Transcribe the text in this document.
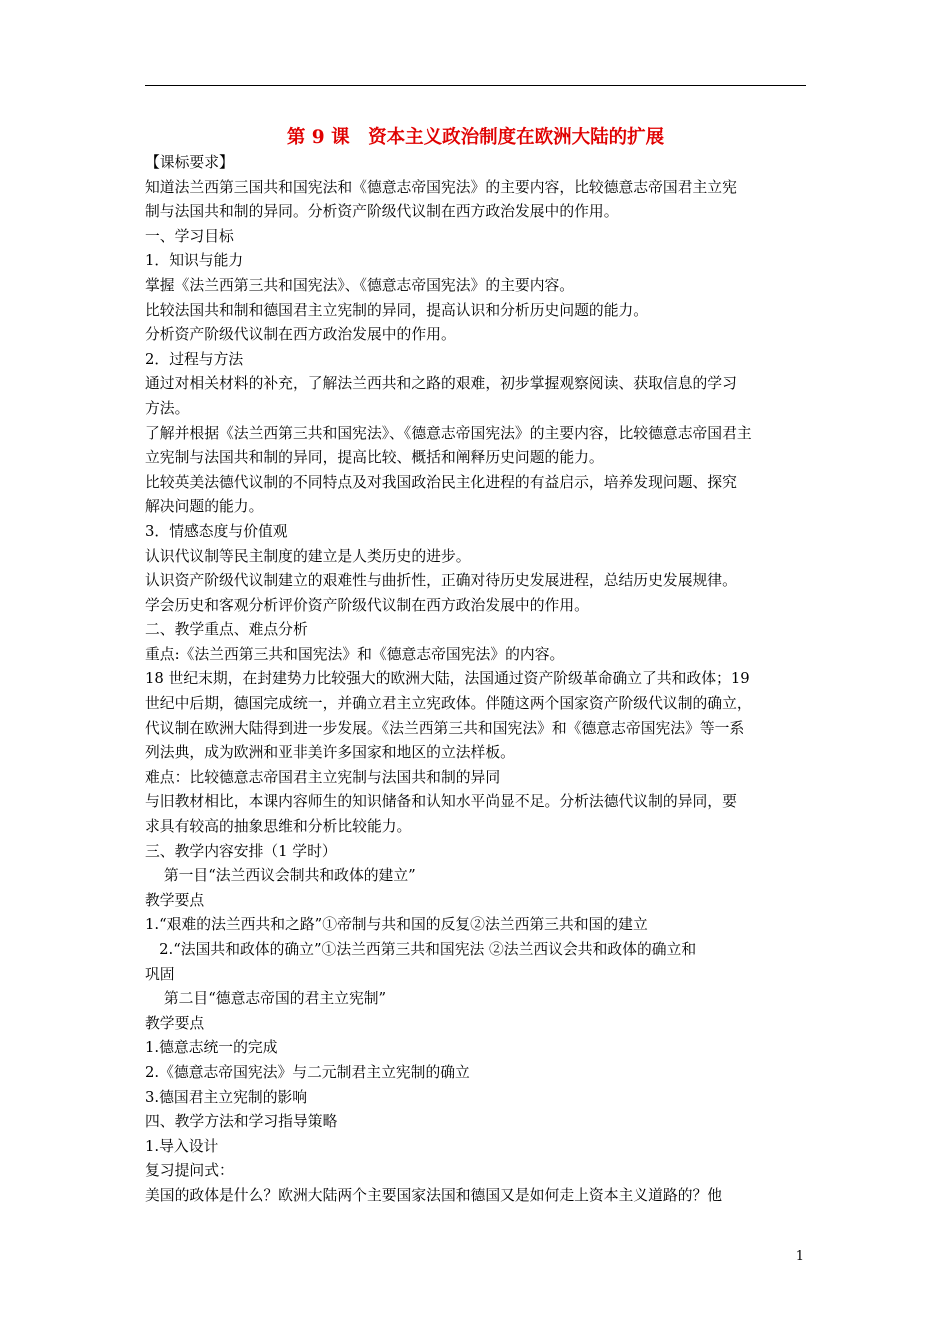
第 9 课　资本主义政治制度在欧洲大陆的扩展

【课标要求】

知道法兰西第三国共和国宪法和《德意志帝国宪法》的主要内容，比较德意志帝国君主立宪

制与法国共和制的异同。分析资产阶级代议制在西方政治发展中的作用。

一、学习目标

1．知识与能力

掌握《法兰西第三共和国宪法》、《德意志帝国宪法》的主要内容。

比较法国共和制和德国君主立宪制的异同，提高认识和分析历史问题的能力。

分析资产阶级代议制在西方政治发展中的作用。

2．过程与方法

通过对相关材料的补充，了解法兰西共和之路的艰难，初步掌握观察阅读、获取信息的学习

方法。

了解并根据《法兰西第三共和国宪法》、《德意志帝国宪法》的主要内容，比较德意志帝国君主

立宪制与法国共和制的异同，提高比较、概括和阐释历史问题的能力。

比较英美法德代议制的不同特点及对我国政治民主化进程的有益启示，培养发现问题、探究

解决问题的能力。

3．情感态度与价值观

认识代议制等民主制度的建立是人类历史的进步。

认识资产阶级代议制建立的艰难性与曲折性，正确对待历史发展进程，总结历史发展规律。

学会历史和客观分析评价资产阶级代议制在西方政治发展中的作用。

二、教学重点、难点分析

重点:《法兰西第三共和国宪法》和《德意志帝国宪法》的内容。

18 世纪末期，在封建势力比较强大的欧洲大陆，法国通过资产阶级革命确立了共和政体；19

世纪中后期，德国完成统一，并确立君主立宪政体。伴随这两个国家资产阶级代议制的确立，

代议制在欧洲大陆得到进一步发展。《法兰西第三共和国宪法》和《德意志帝国宪法》等一系

列法典，成为欧洲和亚非美许多国家和地区的立法样板。

难点：比较德意志帝国君主立宪制与法国共和制的异同

与旧教材相比，本课内容师生的知识储备和认知水平尚显不足。分析法德代议制的异同，要

求具有较高的抽象思维和分析比较能力。

三、教学内容安排（1 学时）

第一目“法兰西议会制共和政体的建立”

教学要点

1.“艰难的法兰西共和之路”①帝制与共和国的反复②法兰西第三共和国的建立

2.“法国共和政体的确立”①法兰西第三共和国宪法 ②法兰西议会共和政体的确立和

巩固

第二目“德意志帝国的君主立宪制”

教学要点

1.德意志统一的完成

2.《德意志帝国宪法》与二元制君主立宪制的确立

3.德国君主立宪制的影响

四、教学方法和学习指导策略

1.导入设计

复习提问式：

美国的政体是什么？欧洲大陆两个主要国家法国和德国又是如何走上资本主义道路的？他

1
